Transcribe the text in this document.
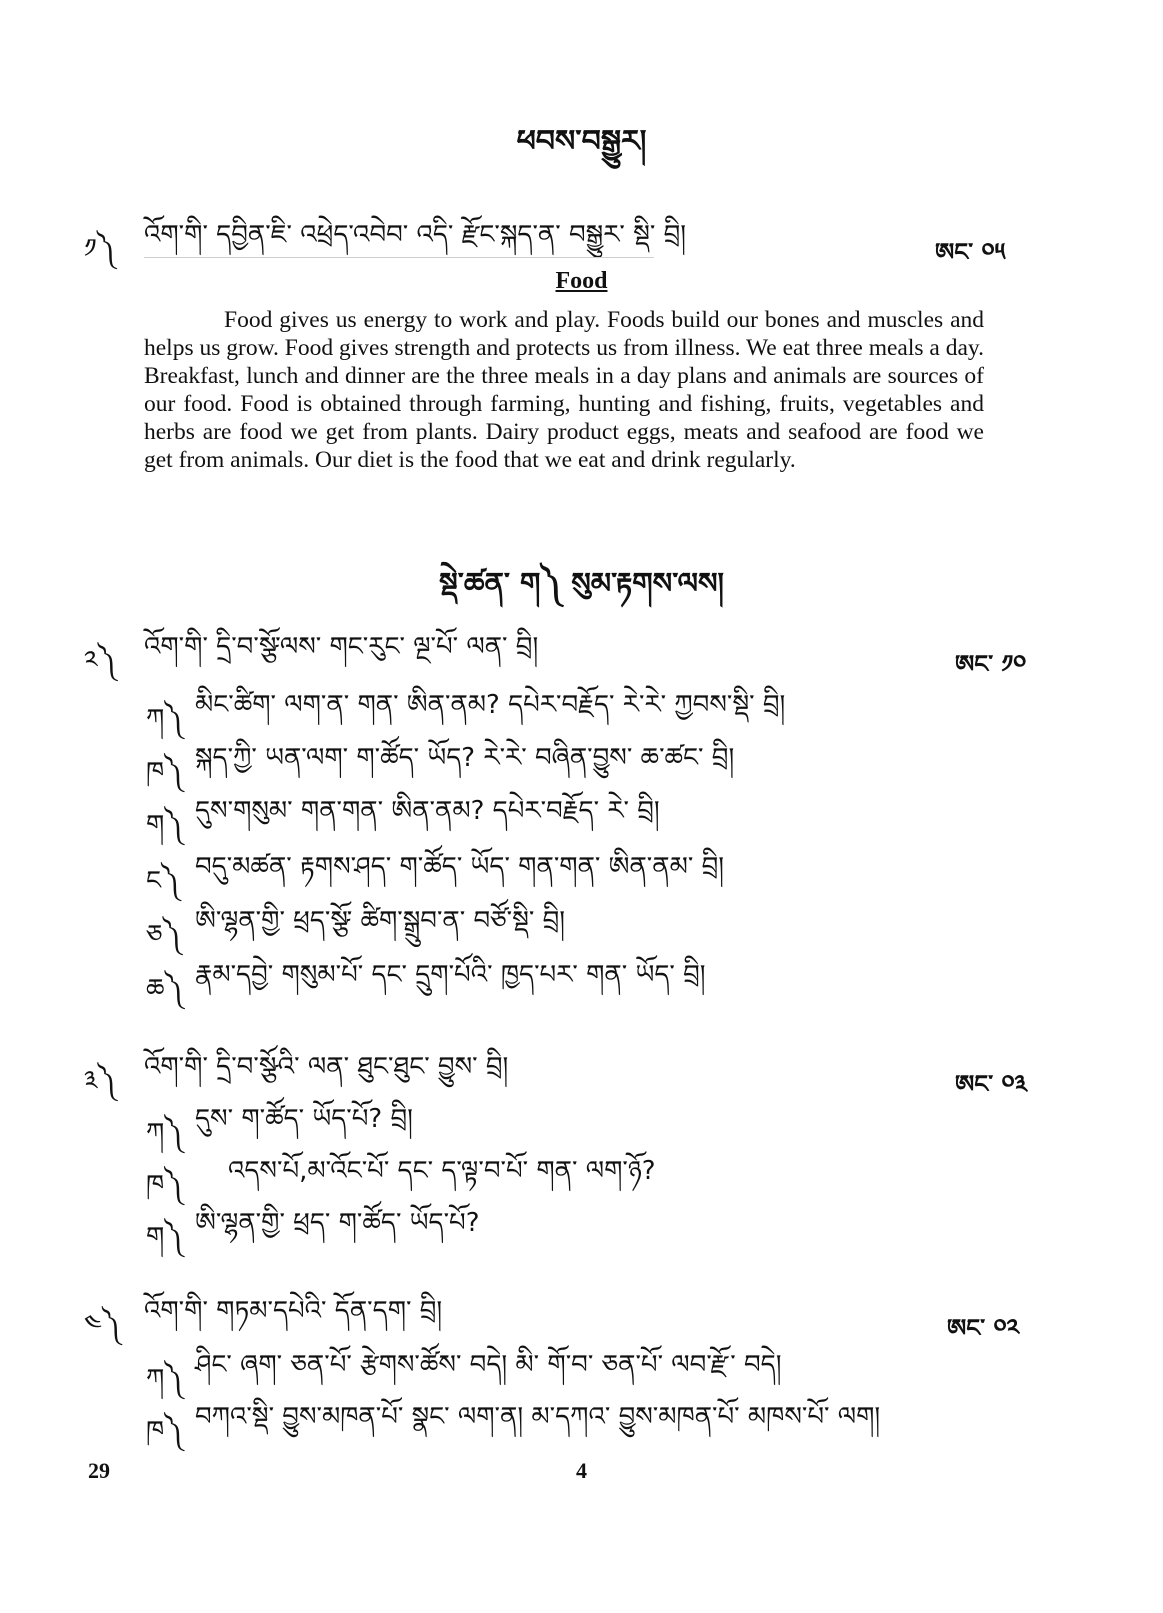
ཕབས་བསྒྱུར།
༡༽ འོག་གི་ དབྱིན་ཇི་ འཕྲེད་འབེབ་ འདི་ རྫོང་སྐད་ན་ བསྒྱུར་ སྡི་ བྲི།
ཨང་ ༠༥
Food

Food gives us energy to work and play. Foods build our bones and muscles and helps us grow. Food gives strength and protects us from illness. We eat three meals a day. Breakfast, lunch and dinner are the three meals in a day plans and animals are sources of our food. Food is obtained through farming, hunting and fishing, fruits, vegetables and herbs are food we get from plants. Dairy product eggs, meats and seafood are food we get from animals. Our diet is the food that we eat and drink regularly.

སྡེ་ཚན་ ག༽ སུམ་རྟགས་ལས།
༢༽ འོག་གི་ དྲི་བ་སྩོ་ལས་ གང་རུང་ ལྔ་པོ་ ལན་ བྲི།
ཨང་ ༡༠
ཀ༽ མིང་ཚིག་ ལག་ན་ གན་ ཨིན་ནམ? དཔེར་བརྗོད་ རེ་རེ་ ཀྱབས་སྡི་ བྲི།
ཁ༽ སྐད་ཀྱི་ ཡན་ལག་ ག་ཚོད་ ཡོད? རེ་རེ་ བཞིན་བྱུས་ ཆ་ཚང་ བྲི།
ག༽ དུས་གསུམ་ གན་གན་ ཨིན་ནམ? དཔེར་བརྗོད་ རེ་ བྲི།
ང༽ བདུ་མཚན་ རྟགས་ཤད་ ག་ཚོད་ ཡོད་ གན་གན་ ཨིན་ནམ་ བྲི།
ཅ༽ ཨི་ལྷན་གྱི་ ཕྲད་སྩོ་ ཚིག་སྒྲུབ་ན་ བཙོ་སྡི་ བྲི།
ཆ༽ རྣམ་དབྱེ་ གསུམ་པོ་ དང་ དྲུག་པོའི་ ཁྱད་པར་ གན་ ཡོད་ བྲི།
༣༽ འོག་གི་ དྲི་བ་སྩོའི་ ལན་ ཐུང་ཐུང་ བྱུས་ བྲི།
ཨང་ ༠༣
ཀ༽ དུས་ ག་ཚོད་ ཡོད་པོ? བྲི།
ཁ༽ འདས་པོ,མ་འོང་པོ་ དང་ ད་ལྟ་བ་པོ་ གན་ ལག་ཉོ?
ག༽ ཨི་ལྷན་གྱི་ ཕྲད་ ག་ཚོད་ ཡོད་པོ?
༤༽ འོག་གི་ གཏམ་དཔེའི་ དོན་དག་ བྲི།
ཨང་ ༠༢
ཀ༽ ཤིང་ ཞག་ ཅན་པོ་ རྩེགས་ཚོས་ བདེ། མི་ གོ་བ་ ཅན་པོ་ ལབ་རྫོ་ བདེ།
ཁ༽ བཀའ་སྡི་ བྱུས་མཁན་པོ་ སྣང་ ལག་ན། མ་དཀའ་ བྱུས་མཁན་པོ་ མཁས་པོ་ ལག།
29	4
